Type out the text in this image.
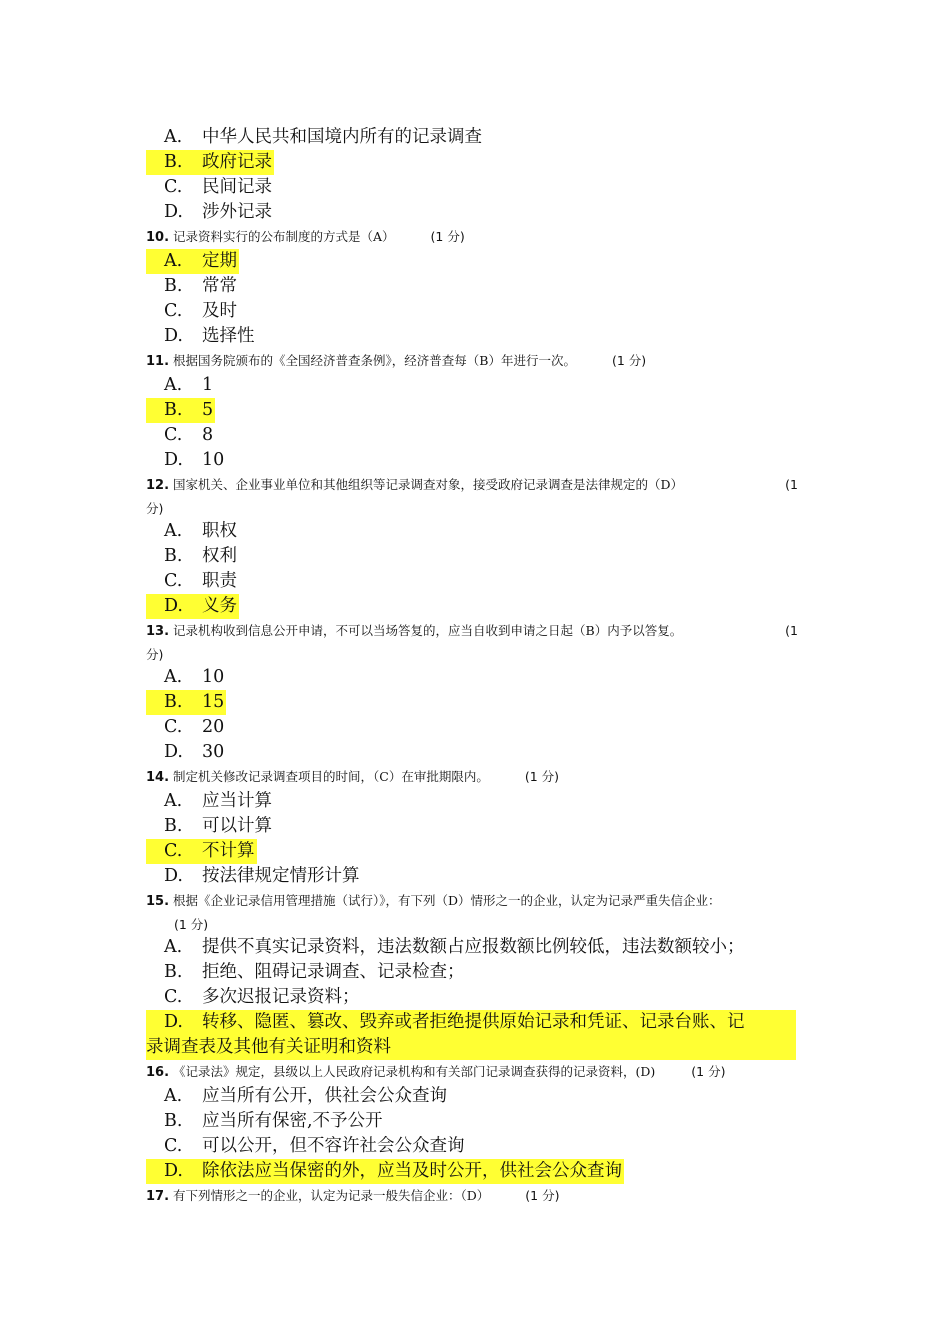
A. 中华人民共和国境内所有的记录调查
B. 政府记录
C. 民间记录
D. 涉外记录
10. 记录资料实行的公布制度的方式是（A）	(1 分)
A. 定期
B. 常常
C. 及时
D. 选择性
11. 根据国务院颁布的《全国经济普查条例》，经济普查每（B）年进行一次。	(1 分)
A. 1
B. 5
C. 8
D. 10
12. 国家机关、企业事业单位和其他组织等记录调查对象，接受政府记录调查是法律规定的（D）	(1
分)
A. 职权
B. 权利
C. 职责
D. 义务
13. 记录机构收到信息公开申请，不可以当场答复的，应当自收到申请之日起（B）内予以答复。	(1
分)
A. 10
B. 15
C. 20
D. 30
14. 制定机关修改记录调查项目的时间，（C）在审批期限内。	(1 分)
A. 应当计算
B. 可以计算
C. 不计算
D. 按法律规定情形计算
15. 根据《企业记录信用管理措施（试行）》，有下列（D）情形之一的企业，认定为记录严重失信企业：
(1 分)
A. 提供不真实记录资料，违法数额占应报数额比例较低，违法数额较小；
B. 拒绝、阻碍记录调查、记录检查；
C. 多次迟报记录资料；
D. 转移、隐匿、篡改、毁弃或者拒绝提供原始记录和凭证、记录台账、记
录调查表及其他有关证明和资料
16. 《记录法》规定，县级以上人民政府记录机构和有关部门记录调查获得的记录资料，(D)	(1 分)
A. 应当所有公开，供社会公众查询
B. 应当所有保密,不予公开
C. 可以公开，但不容许社会公众查询
D. 除依法应当保密的外，应当及时公开，供社会公众查询
17. 有下列情形之一的企业，认定为记录一般失信企业：（D）	(1 分)
